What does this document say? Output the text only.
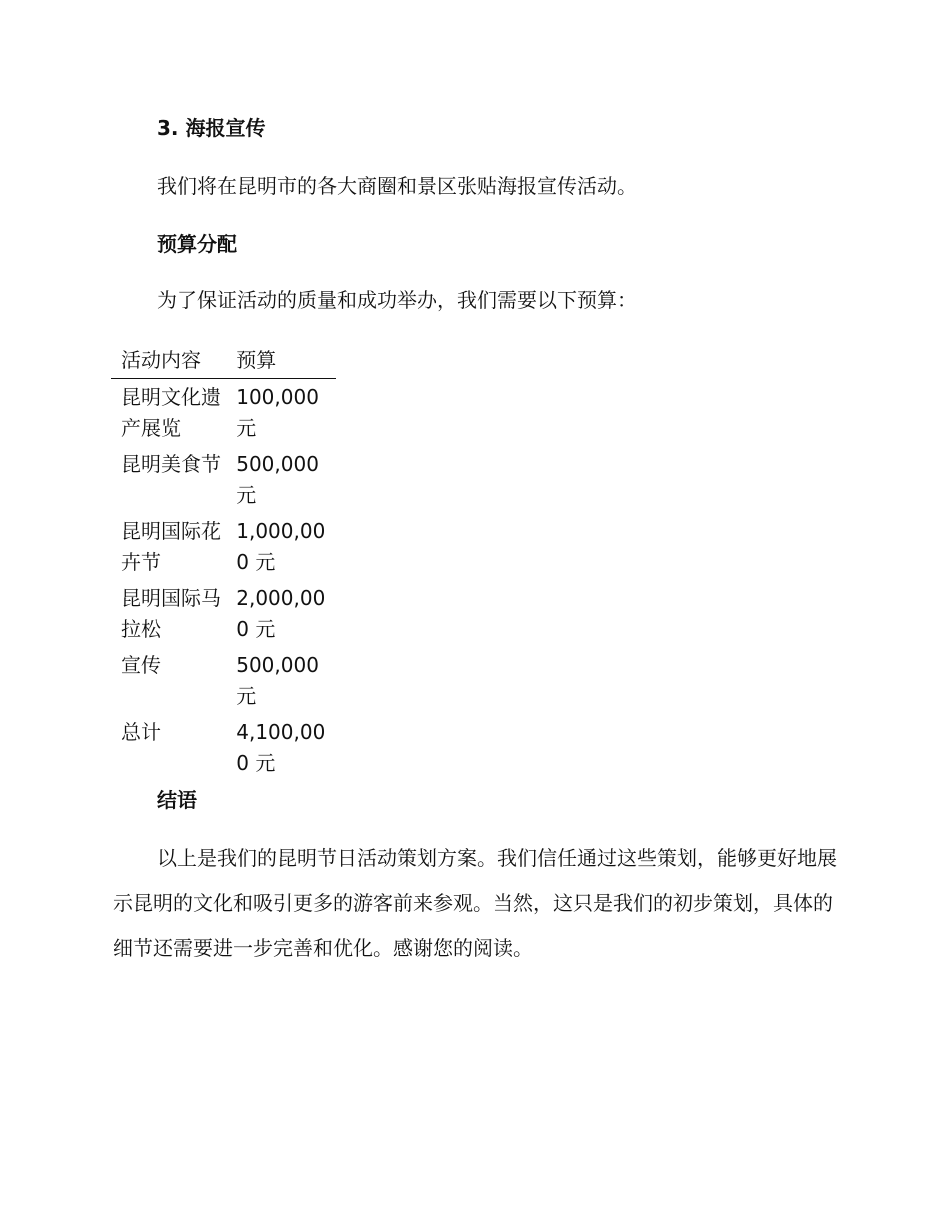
3. 海报宣传
我们将在昆明市的各大商圈和景区张贴海报宣传活动。
预算分配
为了保证活动的质量和成功举办，我们需要以下预算：
活动内容	预算

昆明文化遗产展览	100,000 元

昆明美食节	500,000 元

昆明国际花卉节	1,000,000 元

昆明国际马拉松	2,000,000 元

宣传	500,000 元

总计	4,100,000 元
结语

以上是我们的昆明节日活动策划方案。我们信任通过这些策划，能够更好地展示昆明的文化和吸引更多的游客前来参观。当然，这只是我们的初步策划，具体的细节还需要进一步完善和优化。感谢您的阅读。
